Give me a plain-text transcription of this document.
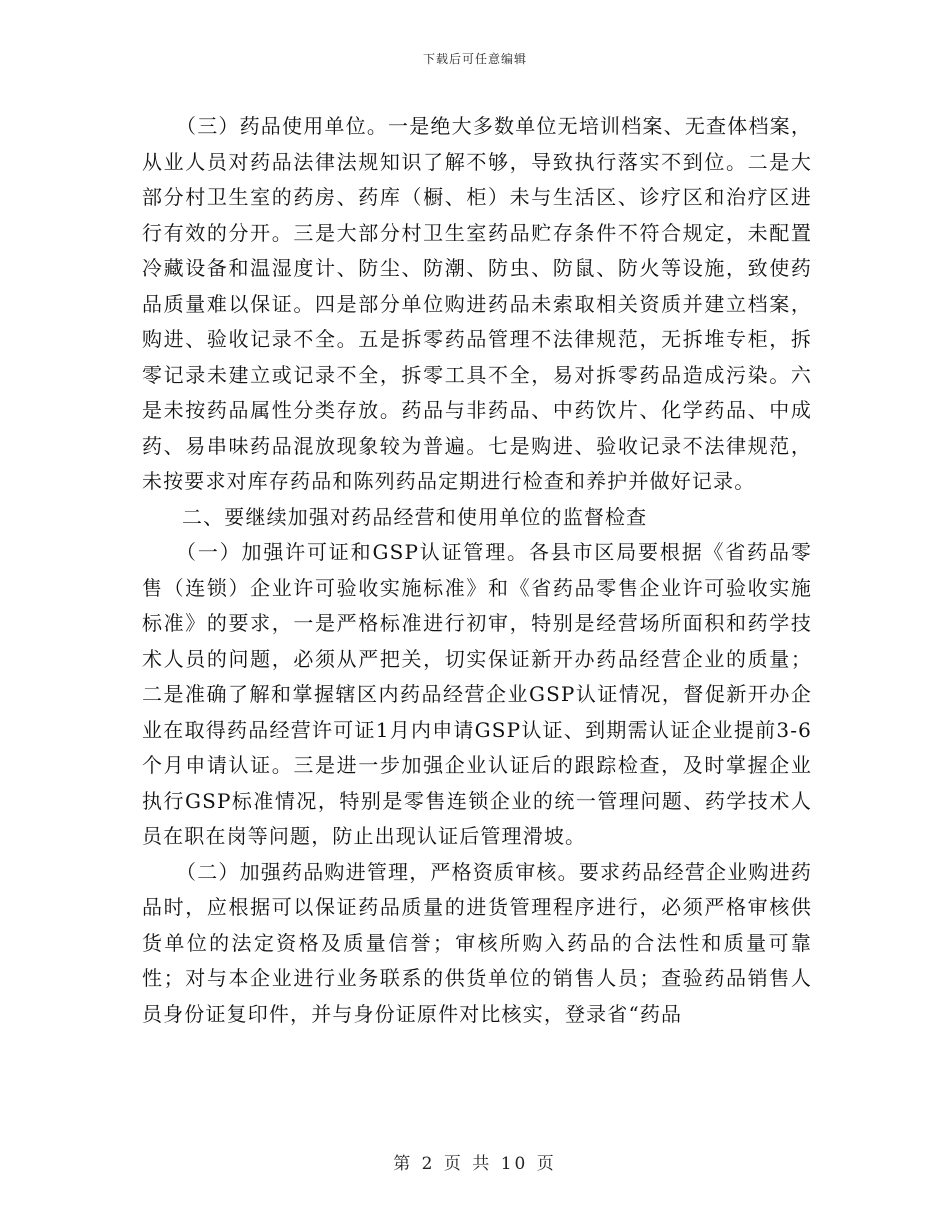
下载后可任意编辑

（三）药品使用单位。一是绝大多数单位无培训档案、无查体档案，从业人员对药品法律法规知识了解不够，导致执行落实不到位。二是大部分村卫生室的药房、药库（橱、柜）未与生活区、诊疗区和治疗区进行有效的分开。三是大部分村卫生室药品贮存条件不符合规定，未配置冷藏设备和温湿度计、防尘、防潮、防虫、防鼠、防火等设施，致使药品质量难以保证。四是部分单位购进药品未索取相关资质并建立档案，购进、验收记录不全。五是拆零药品管理不法律规范，无拆堆专柜，拆零记录未建立或记录不全，拆零工具不全，易对拆零药品造成污染。六是未按药品属性分类存放。药品与非药品、中药饮片、化学药品、中成药、易串味药品混放现象较为普遍。七是购进、验收记录不法律规范，未按要求对库存药品和陈列药品定期进行检查和养护并做好记录。

二、要继续加强对药品经营和使用单位的监督检查

（一）加强许可证和GSP认证管理。各县市区局要根据《省药品零售（连锁）企业许可验收实施标准》和《省药品零售企业许可验收实施标准》的要求，一是严格标准进行初审，特别是经营场所面积和药学技术人员的问题，必须从严把关，切实保证新开办药品经营企业的质量；二是准确了解和掌握辖区内药品经营企业GSP认证情况，督促新开办企业在取得药品经营许可证1月内申请GSP认证、到期需认证企业提前3-6个月申请认证。三是进一步加强企业认证后的跟踪检查，及时掌握企业执行GSP标准情况，特别是零售连锁企业的统一管理问题、药学技术人员在职在岗等问题，防止出现认证后管理滑坡。

（二）加强药品购进管理，严格资质审核。要求药品经营企业购进药品时，应根据可以保证药品质量的进货管理程序进行，必须严格审核供货单位的法定资格及质量信誉；审核所购入药品的合法性和质量可靠性；对与本企业进行业务联系的供货单位的销售人员；查验药品销售人员身份证复印件，并与身份证原件对比核实，登录省“药品

第 2 页 共 10 页
